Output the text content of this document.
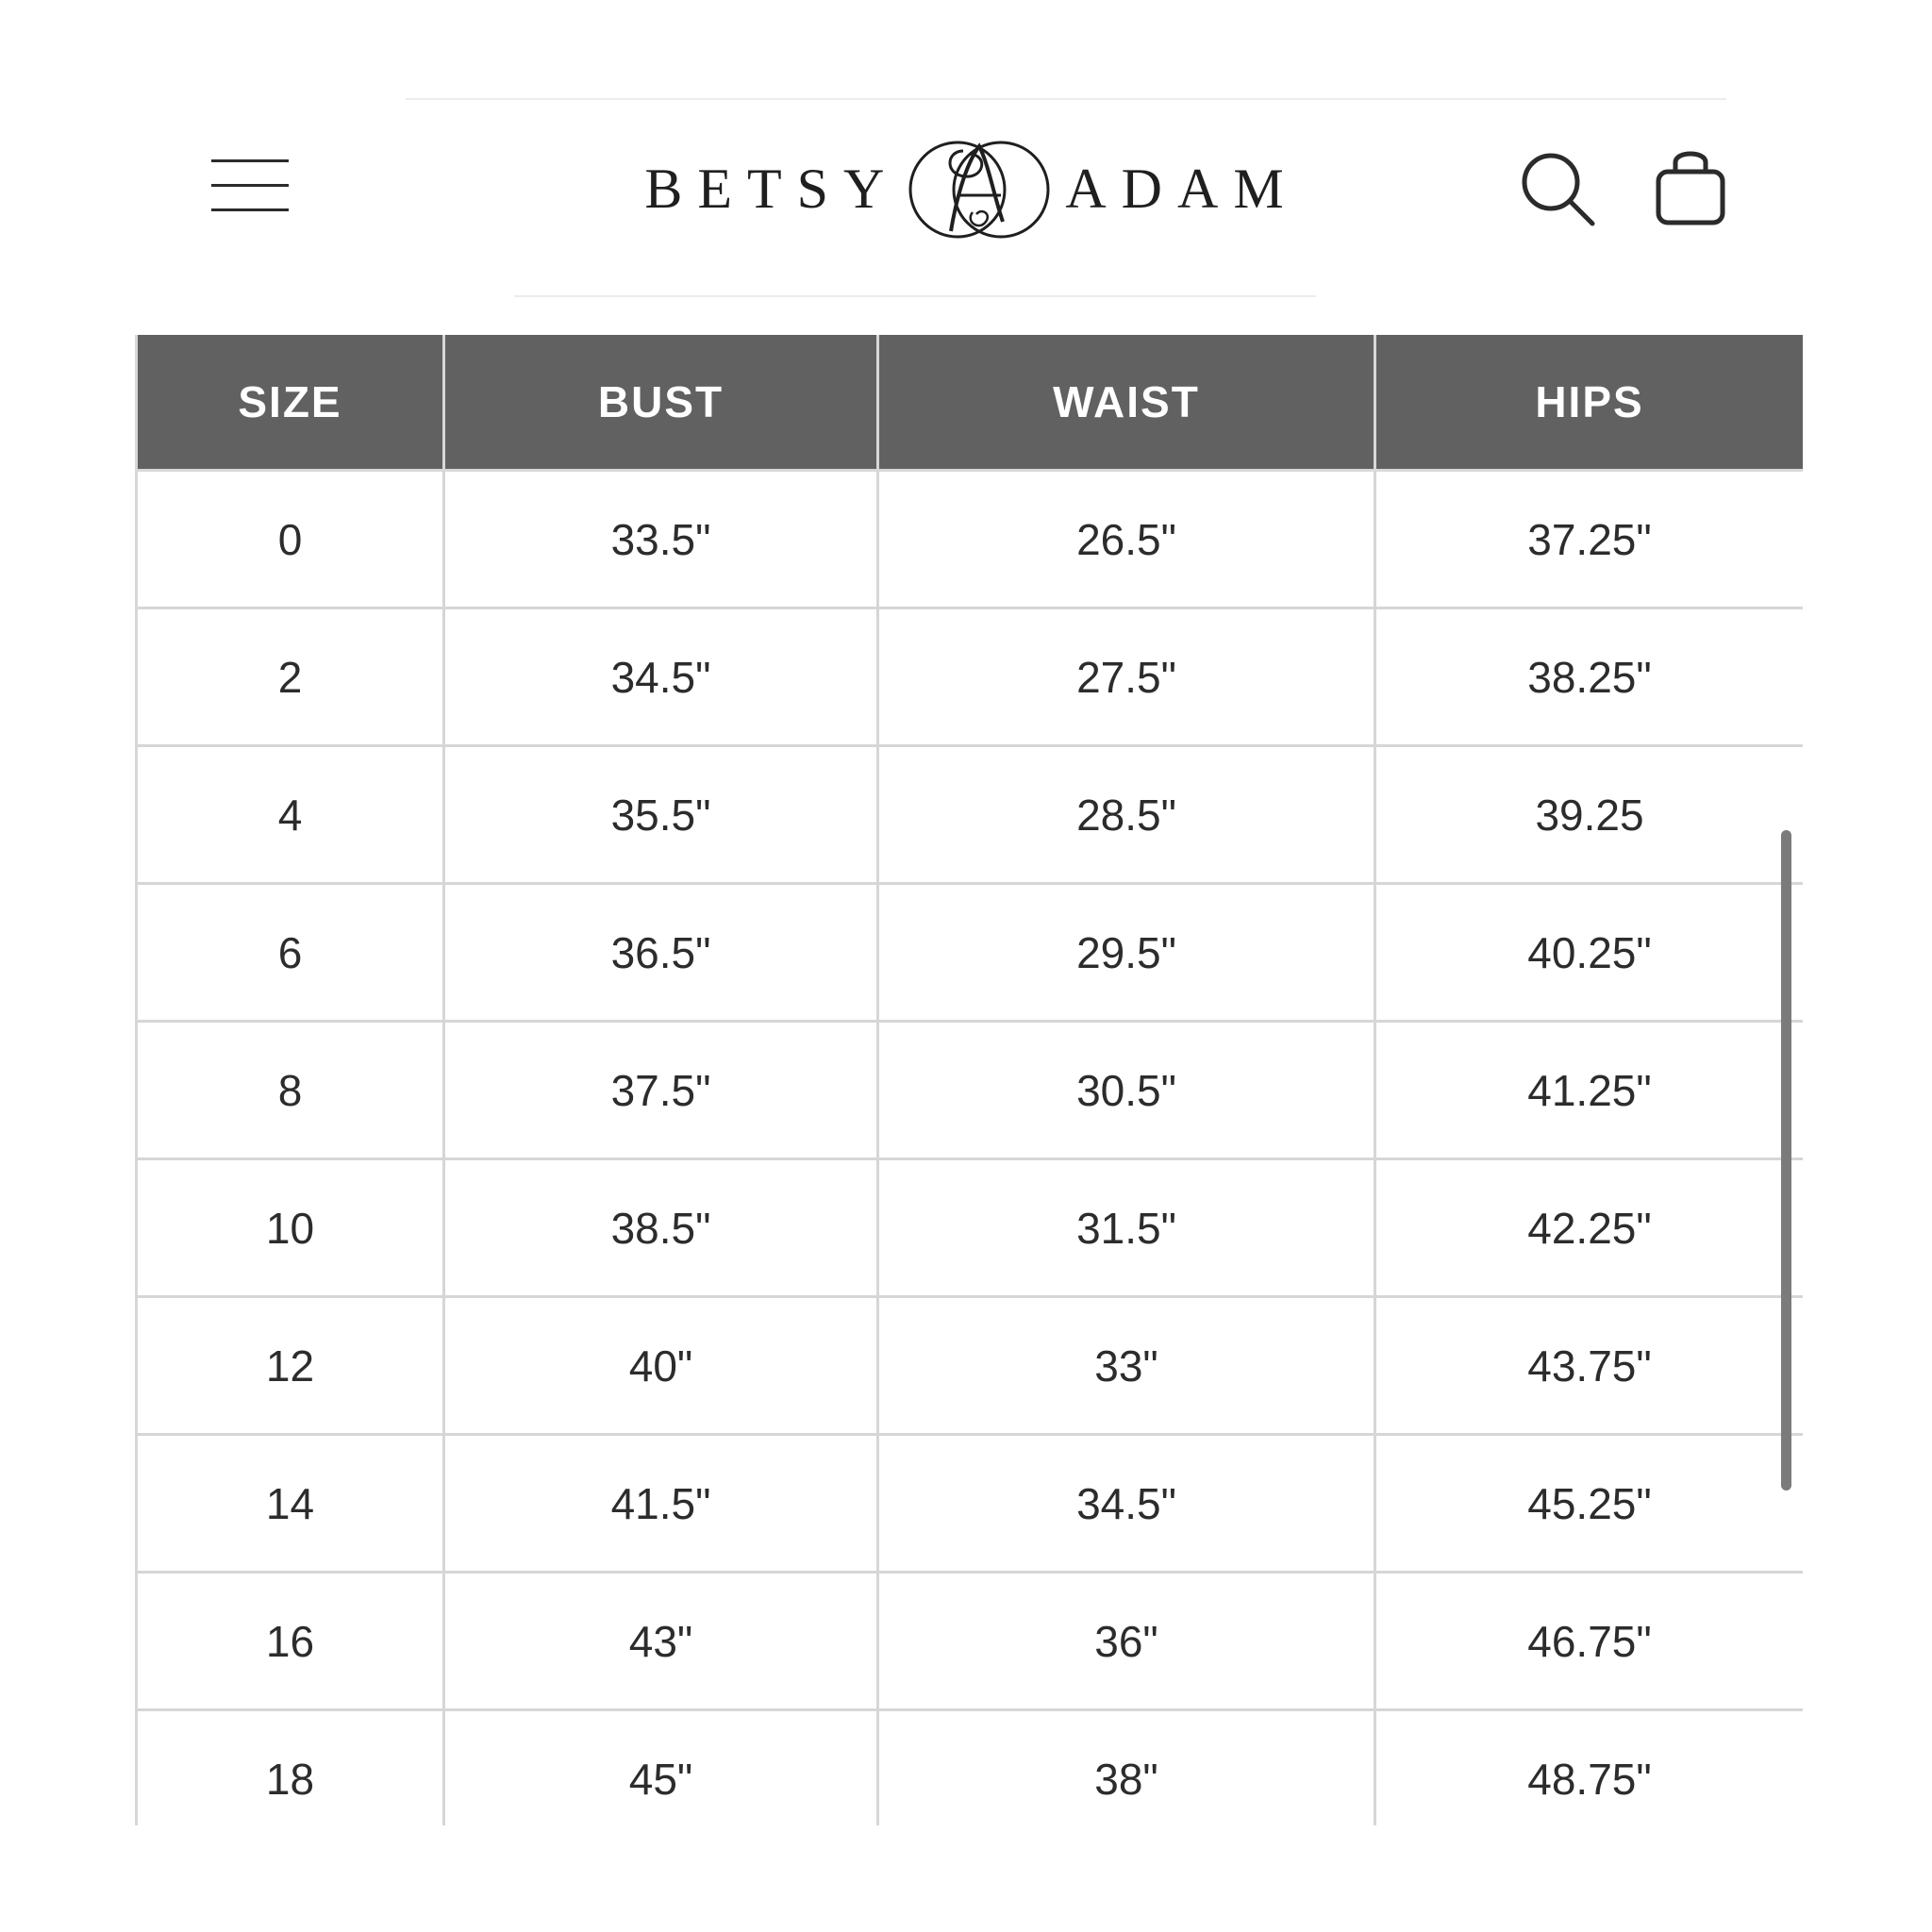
BETSY	ADAM
SIZE	BUST	WAIST	HIPS
0	33.5"	26.5"	37.25"
2	34.5"	27.5"	38.25"
4	35.5"	28.5"	39.25
6	36.5"	29.5"	40.25"
8	37.5"	30.5"	41.25"
10	38.5"	31.5"	42.25"
12	40"	33"	43.75"
14	41.5"	34.5"	45.25"
16	43"	36"	46.75"
18	45"	38"	48.75"
